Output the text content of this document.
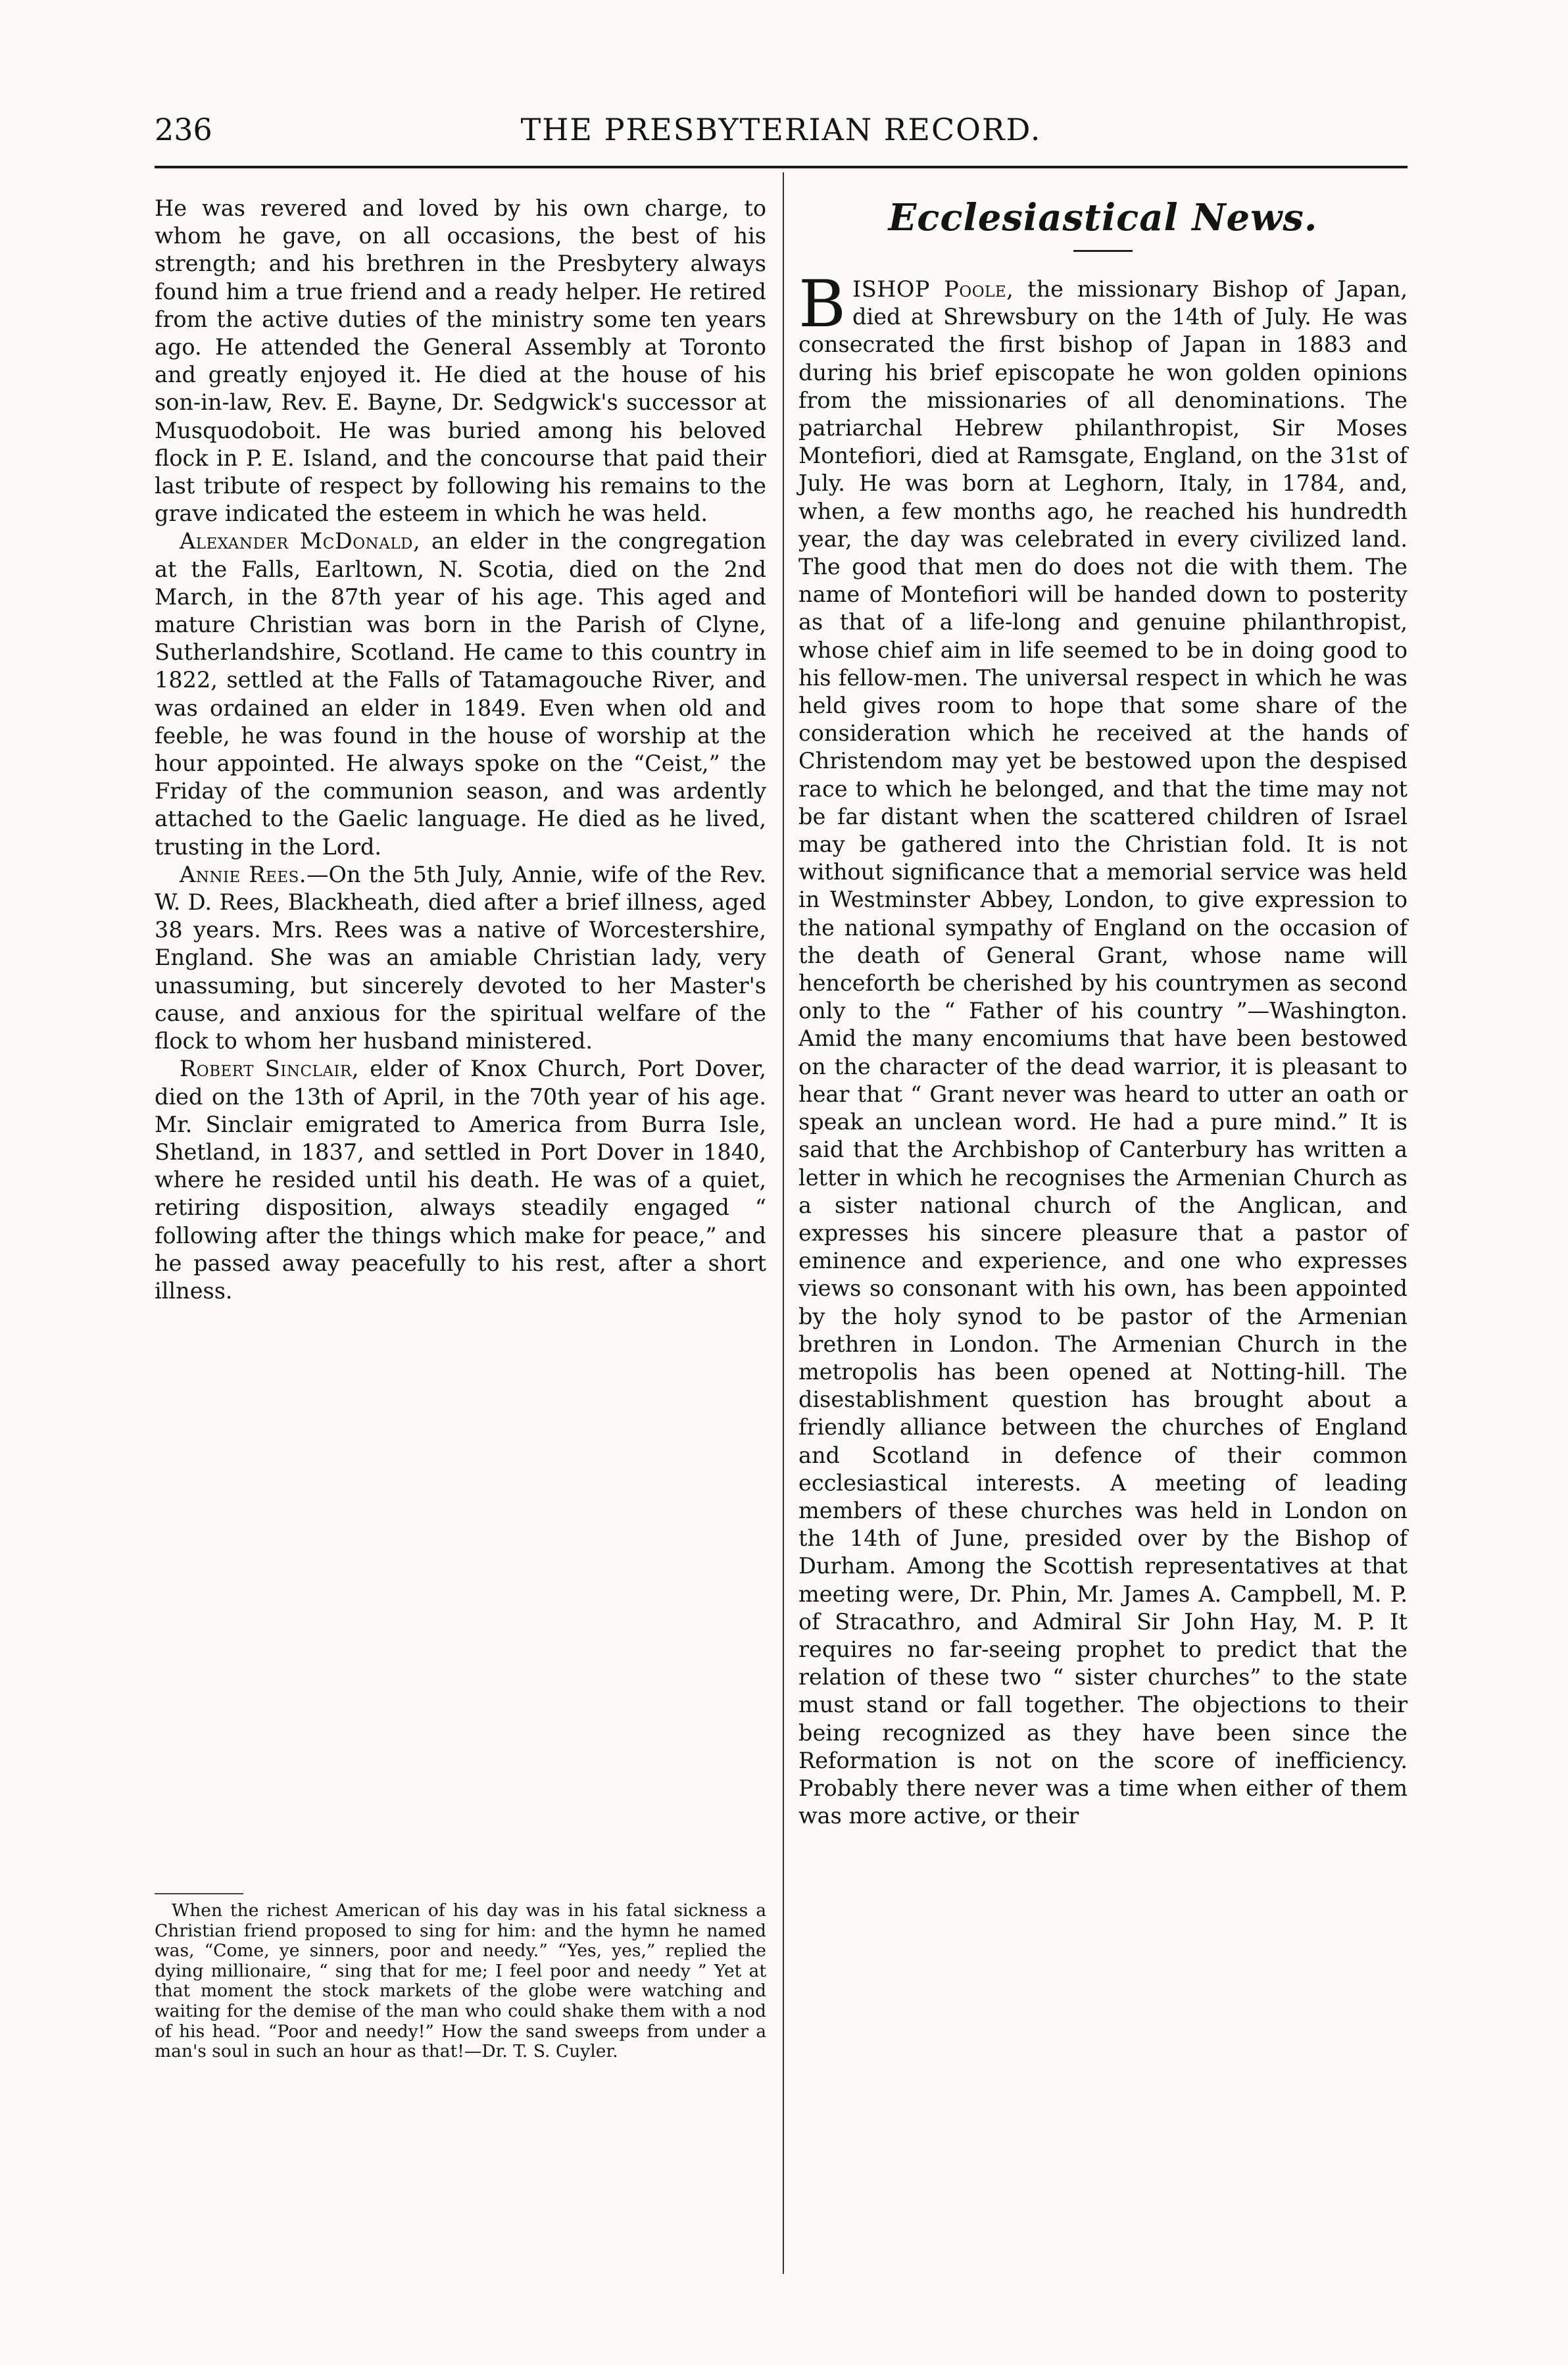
236	THE PRESBYTERIAN RECORD.

He was revered and loved by his own charge, to whom he gave, on all occasions, the best of his strength; and his brethren in the Presbytery always found him a true friend and a ready helper. He retired from the active duties of the ministry some ten years ago. He attended the General Assembly at Toronto and greatly enjoyed it. He died at the house of his son-in-law, Rev. E. Bayne, Dr. Sedgwick's successor at Musquodoboit. He was buried among his beloved flock in P. E. Island, and the concourse that paid their last tribute of respect by following his remains to the grave indicated the esteem in which he was held.

Alexander McDonald, an elder in the congregation at the Falls, Earltown, N. Scotia, died on the 2nd March, in the 87th year of his age. This aged and mature Christian was born in the Parish of Clyne, Sutherlandshire, Scotland. He came to this country in 1822, settled at the Falls of Tatamagouche River, and was ordained an elder in 1849. Even when old and feeble, he was found in the house of worship at the hour appointed. He always spoke on the “Ceist,” the Friday of the communion season, and was ardently attached to the Gaelic language. He died as he lived, trusting in the Lord.

Annie Rees.—On the 5th July, Annie, wife of the Rev. W. D. Rees, Blackheath, died after a brief illness, aged 38 years. Mrs. Rees was a native of Worcestershire, England. She was an amiable Christian lady, very unassuming, but sincerely devoted to her Master's cause, and anxious for the spiritual welfare of the flock to whom her husband ministered.

Robert Sinclair, elder of Knox Church, Port Dover, died on the 13th of April, in the 70th year of his age. Mr. Sinclair emigrated to America from Burra Isle, Shetland, in 1837, and settled in Port Dover in 1840, where he resided until his death. He was of a quiet, retiring disposition, always steadily engaged “ following after the things which make for peace,” and he passed away peacefully to his rest, after a short illness.

When the richest American of his day was in his fatal sickness a Christian friend proposed to sing for him: and the hymn he named was, “Come, ye sinners, poor and needy.” “Yes, yes,” replied the dying millionaire, “ sing that for me; I feel poor and needy ” Yet at that moment the stock markets of the globe were watching and waiting for the demise of the man who could shake them with a nod of his head. “Poor and needy!” How the sand sweeps from under a man's soul in such an hour as that!—Dr. T. S. Cuyler.

Ecclesiastical News.

BISHOP Poole, the missionary Bishop of Japan, died at Shrewsbury on the 14th of July. He was consecrated the first bishop of Japan in 1883 and during his brief episcopate he won golden opinions from the missionaries of all denominations. The patriarchal Hebrew philanthropist, Sir Moses Montefiori, died at Ramsgate, England, on the 31st of July. He was born at Leghorn, Italy, in 1784, and, when, a few months ago, he reached his hundredth year, the day was celebrated in every civilized land. The good that men do does not die with them. The name of Montefiori will be handed down to posterity as that of a life-long and genuine philanthropist, whose chief aim in life seemed to be in doing good to his fellow-men. The universal respect in which he was held gives room to hope that some share of the consideration which he received at the hands of Christendom may yet be bestowed upon the despised race to which he belonged, and that the time may not be far distant when the scattered children of Israel may be gathered into the Christian fold. It is not without significance that a memorial service was held in Westminster Abbey, London, to give expression to the national sympathy of England on the occasion of the death of General Grant, whose name will henceforth be cherished by his countrymen as second only to the “ Father of his country ”—Washington. Amid the many encomiums that have been bestowed on the character of the dead warrior, it is pleasant to hear that “ Grant never was heard to utter an oath or speak an unclean word. He had a pure mind.” It is said that the Archbishop of Canterbury has written a letter in which he recognises the Armenian Church as a sister national church of the Anglican, and expresses his sincere pleasure that a pastor of eminence and experience, and one who expresses views so consonant with his own, has been appointed by the holy synod to be pastor of the Armenian brethren in London. The Armenian Church in the metropolis has been opened at Notting-hill. The disestablishment question has brought about a friendly alliance between the churches of England and Scotland in defence of their common ecclesiastical interests. A meeting of leading members of these churches was held in London on the 14th of June, presided over by the Bishop of Durham. Among the Scottish representatives at that meeting were, Dr. Phin, Mr. James A. Campbell, M. P. of Stracathro, and Admiral Sir John Hay, M. P. It requires no far-seeing prophet to predict that the relation of these two “ sister churches” to the state must stand or fall together. The objections to their being recognized as they have been since the Reformation is not on the score of inefficiency. Probably there never was a time when either of them was more active, or their
